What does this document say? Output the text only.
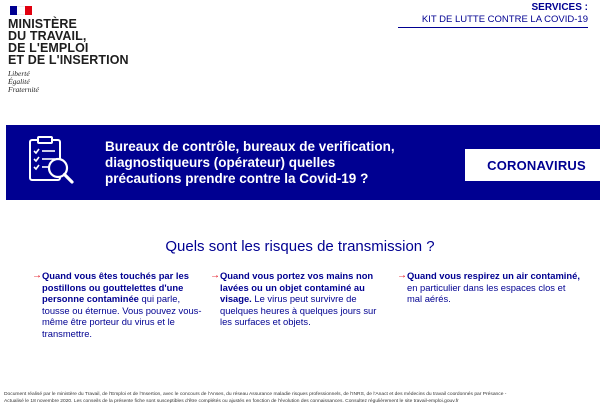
MINISTÈRE
DU TRAVAIL,
DE L'EMPLOI
ET DE L'INSERTION
Liberté
Égalité
Fraternité
SERVICES :
KIT DE LUTTE CONTRE LA COVID-19
Bureaux de contrôle, bureaux de verification,
diagnostiqueurs (opérateur) quelles
précautions prendre contre la Covid-19 ?
CORONAVIRUS
Quels sont les risques de transmission ?
→ Quand vous êtes touchés par les postillons ou gouttelettes d'une personne contaminée qui parle, tousse ou éternue. Vous pouvez vous-même être porteur du virus et le transmettre.
→ Quand vous portez vos mains non lavées ou un objet contaminé au visage. Le virus peut survivre de quelques heures à quelques jours sur les surfaces et objets.
→ Quand vous respirez un air contaminé, en particulier dans les espaces clos et mal aérés.
Document réalisé par le ministère du Travail, de l'Emploi et de l'Insertion, avec le concours de l'Anses, du réseau Assurance maladie risques professionnels, de l'INRS, de l'Anact et des médecins du travail coordonnés par Présance -
Actualisé le 18 novembre 2020. Les conseils de la présente fiche sont susceptibles d'être complétés ou ajustés en fonction de l'évolution des connaissances. Consultez régulièrement le site travail-emploi.gouv.fr
